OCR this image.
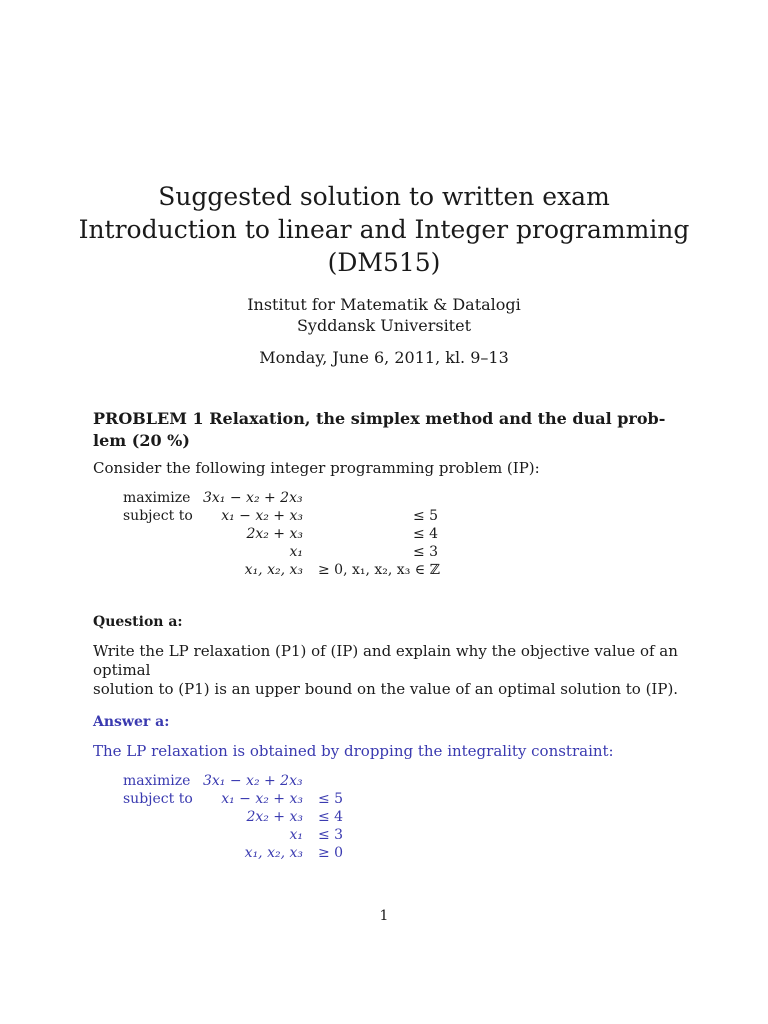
Suggested solution to written exam
Introduction to linear and Integer programming
(DM515)
Institut for Matematik & Datalogi
Syddansk Universitet
Monday, June 6, 2011, kl. 9–13
PROBLEM 1 Relaxation, the simplex method and the dual prob-
lem (20 %)
Consider the following integer programming problem (IP):
maximize 3x₁ − x₂ + 2x₃
subject to	x₁ − x₂ + x₃	≤ 5
2x₂ + x₃	≤ 4
x₁	≤ 3
x₁, x₂, x₃ ≥ 0, x₁, x₂, x₃ ∈ ℤ
Question a:
Write the LP relaxation (P1) of (IP) and explain why the objective value of an optimal
solution to (P1) is an upper bound on the value of an optimal solution to (IP).
Answer a:
The LP relaxation is obtained by dropping the integrality constraint:
maximize 3x₁ − x₂ + 2x₃
subject to	x₁ − x₂ + x₃ ≤ 5
2x₂ + x₃ ≤ 4
x₁ ≤ 3
x₁, x₂, x₃ ≥ 0
1
